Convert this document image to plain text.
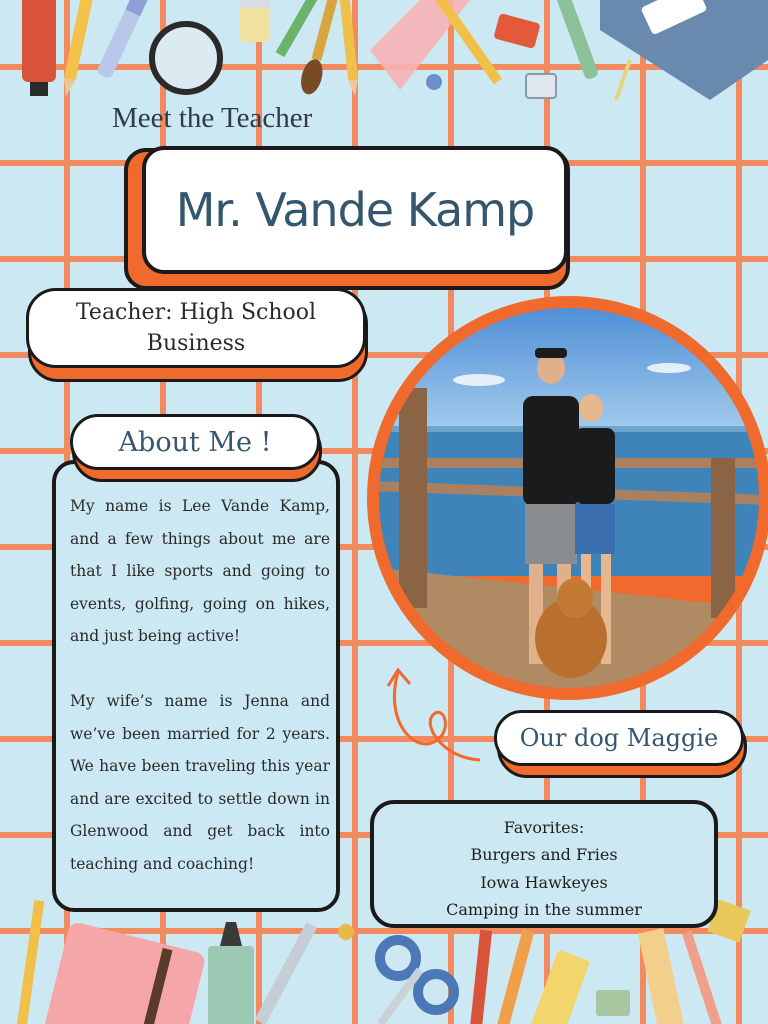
Meet the Teacher
Mr. Vande Kamp
Teacher: High School
Business

My name is Lee Vande Kamp, and a few things about me are that I like sports and going to events, golfing, going on hikes, and just being active!

My wife’s name is Jenna and we’ve been married for 2 years. We have been traveling this year and are excited to settle down in Glenwood and get back into teaching and coaching!

About Me !
Our dog Maggie
Favorites:
Burgers and Fries
Iowa Hawkeyes
Camping in the summer
